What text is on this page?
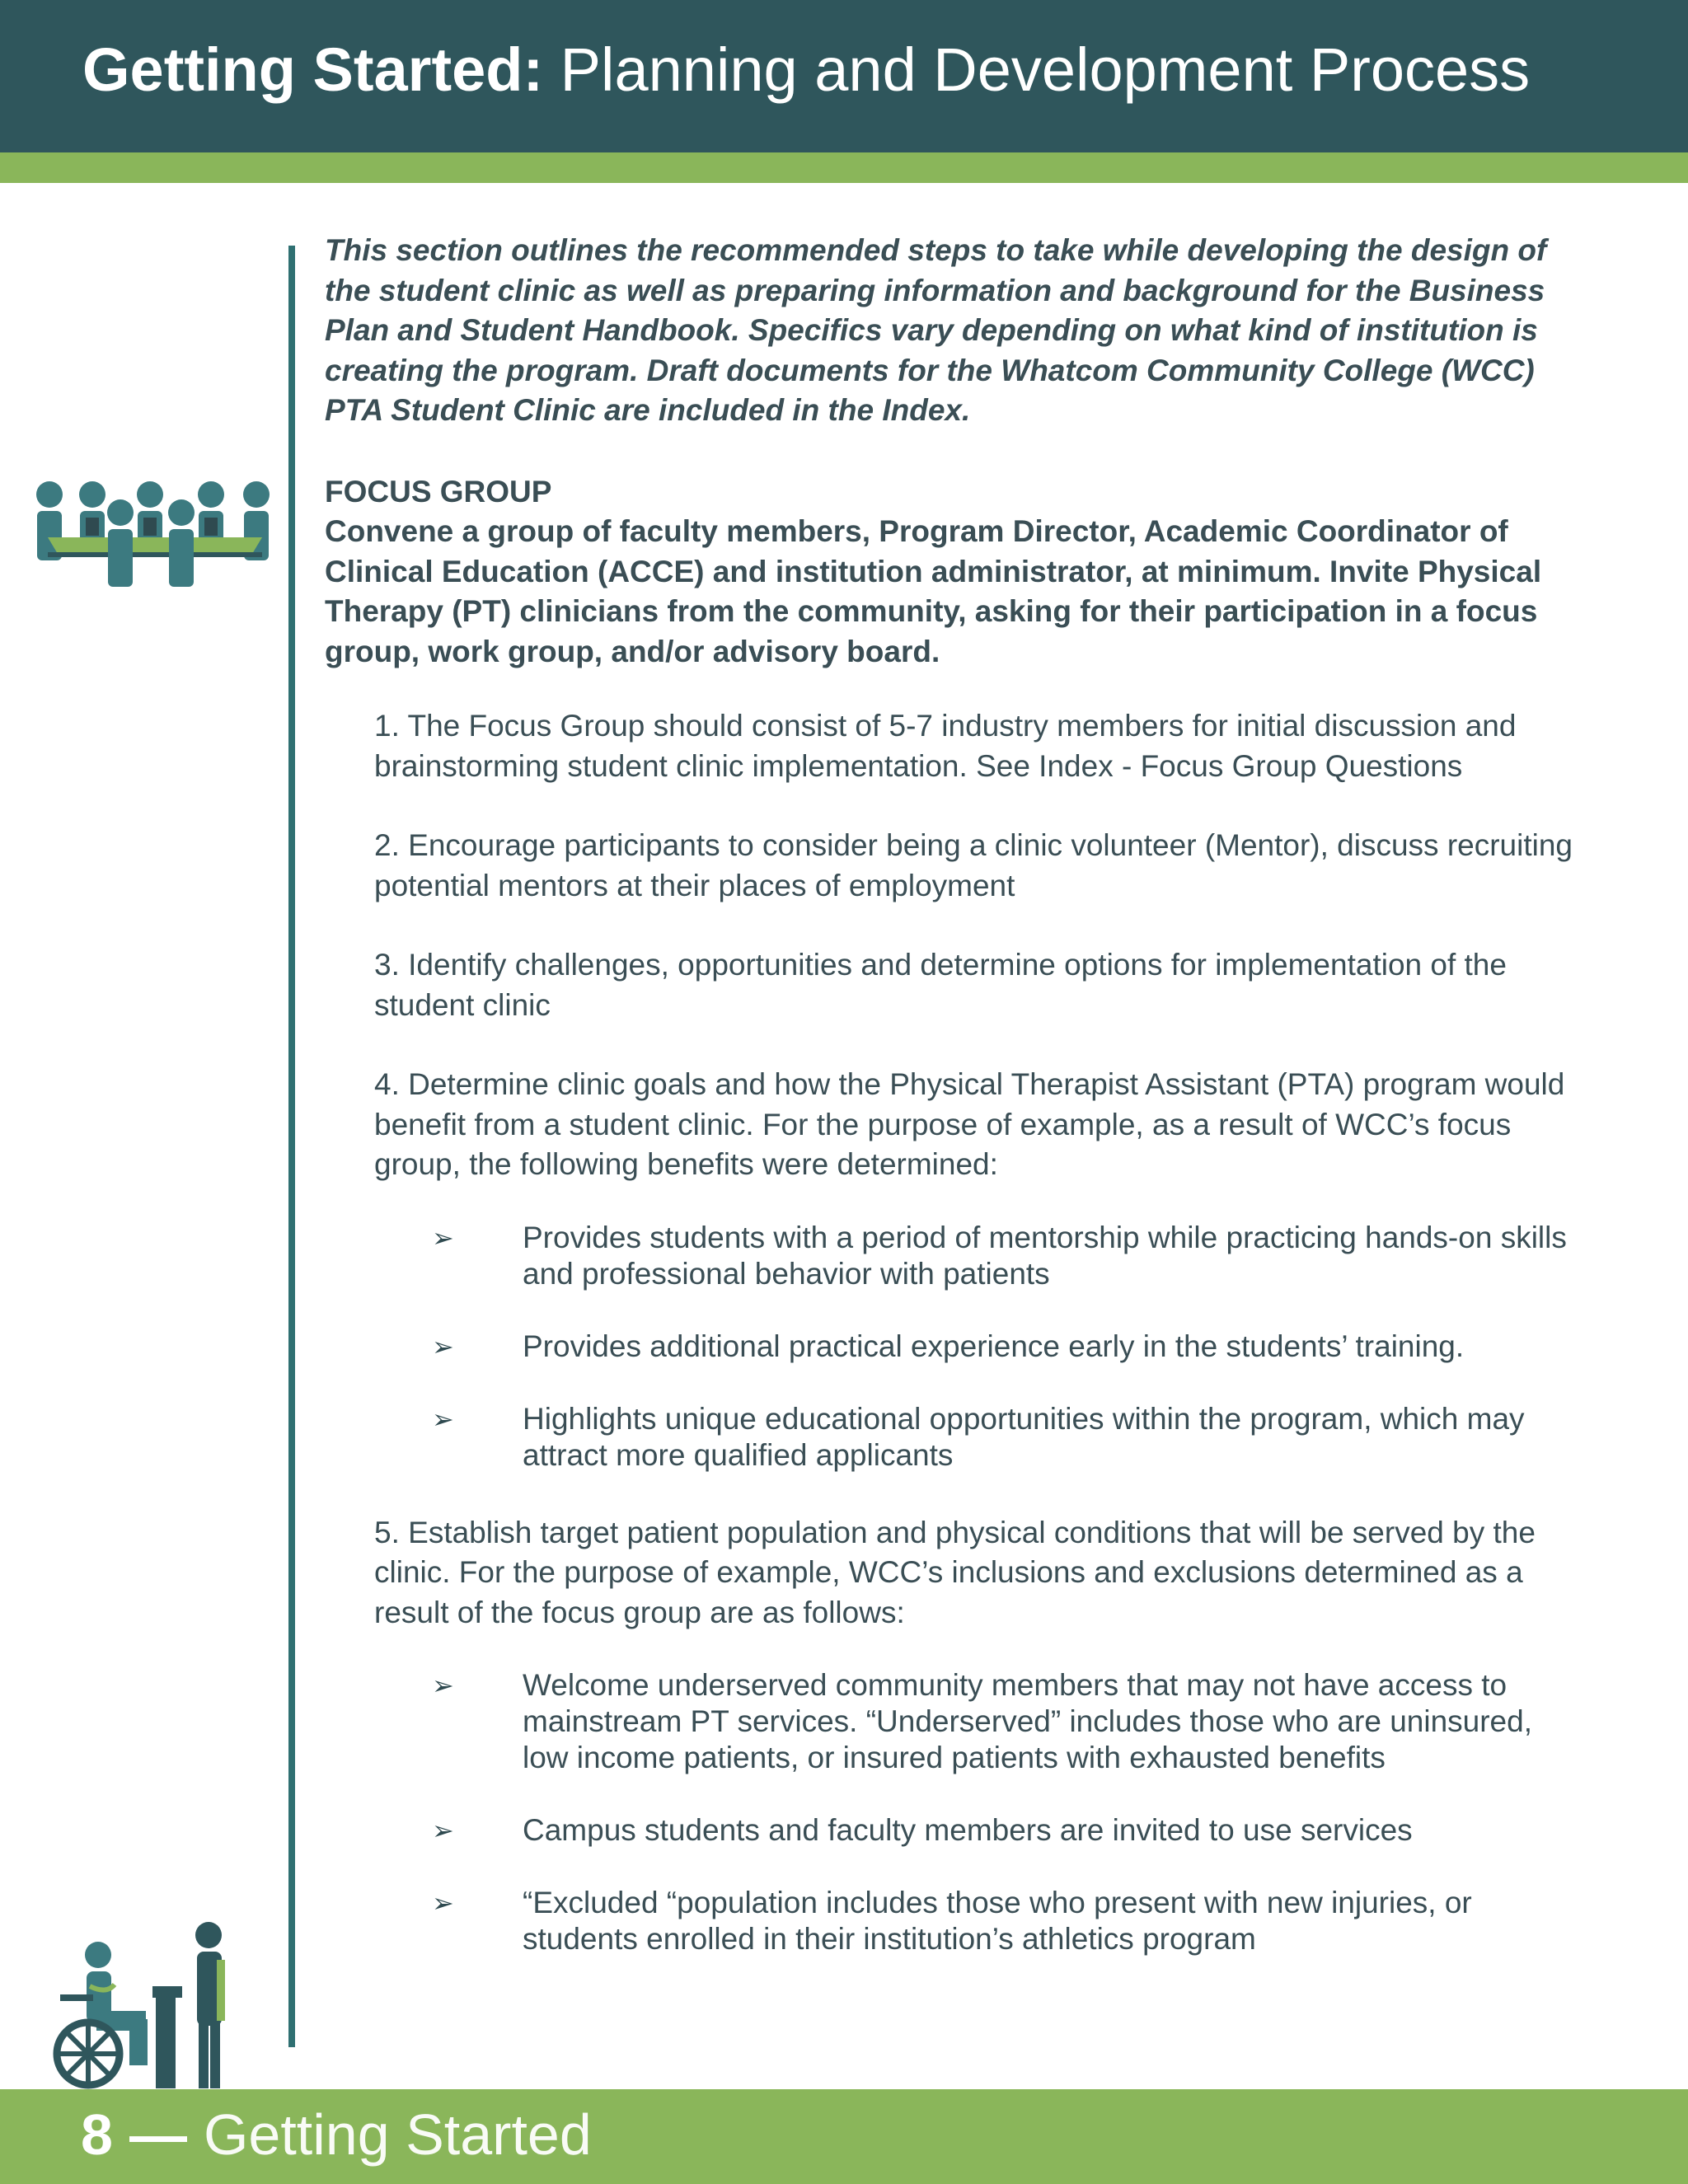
Getting Started: Planning and Development Process

This section outlines the recommended steps to take while developing the design of the student clinic as well as preparing information and background for the Business Plan and Student Handbook. Specifics vary depending on what kind of institution is creating the program. Draft documents for the Whatcom Community College (WCC) PTA Student Clinic are included in the Index.

FOCUS GROUP

Convene a group of faculty members, Program Director, Academic Coordinator of Clinical Education (ACCE) and institution administrator, at minimum. Invite Physical Therapy (PT) clinicians from the community, asking for their participation in a focus group, work group, and/or advisory board.

1. The Focus Group should consist of 5-7 industry members for initial discussion and brainstorming student clinic implementation. See Index - Focus Group Questions

2. Encourage participants to consider being a clinic volunteer (Mentor), discuss recruiting potential mentors at their places of employment

3. Identify challenges, opportunities and determine options for implementation of the student clinic

4. Determine clinic goals and how the Physical Therapist Assistant (PTA) program would benefit from a student clinic. For the purpose of example, as a result of WCC’s focus group, the following benefits were determined:

➢ Provides students with a period of mentorship while practicing hands-on skills and professional behavior with patients
➢ Provides additional practical experience early in the students’ training.
➢ Highlights unique educational opportunities within the program, which may attract more qualified applicants

5. Establish target patient population and physical conditions that will be served by the clinic. For the purpose of example, WCC’s inclusions and exclusions determined as a result of the focus group are as follows:

➢ Welcome underserved community members that may not have access to mainstream PT services. “Underserved” includes those who are uninsured, low income patients, or insured patients with exhausted benefits
➢ Campus students and faculty members are invited to use services
➢ “Excluded “population includes those who present with new injuries, or students enrolled in their institution’s athletics program
8 — Getting Started
